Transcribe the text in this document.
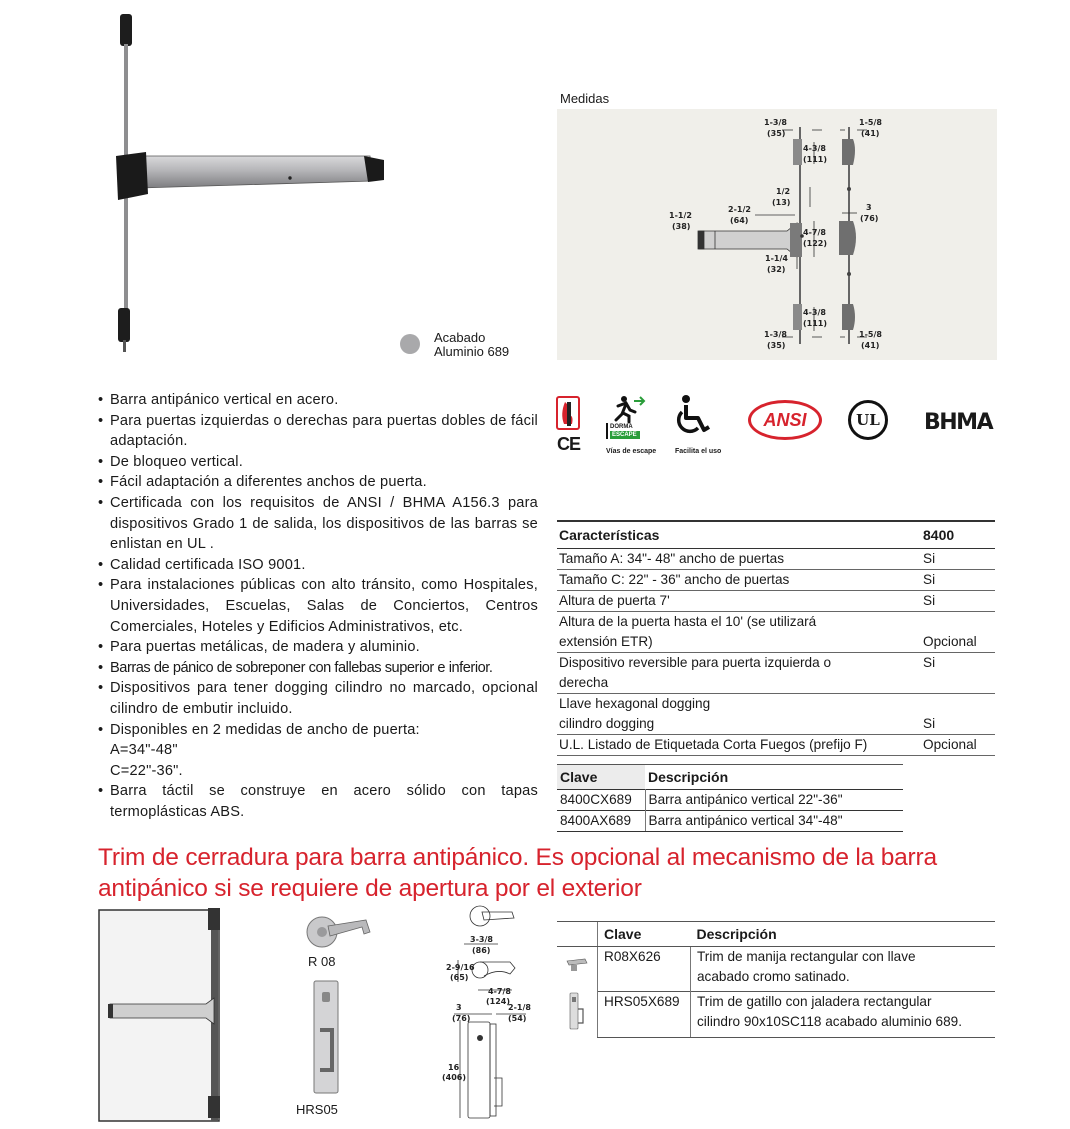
Acabado
Aluminio 689
Medidas
1-3/8
(35)
1-5/8
(41)
4-3/8
(111)
1/2
(13)
2-1/2
(64)
1-1/2
(38)
3
(76)
4-7/8
(122)
1-1/4
(32)
4-3/8
(111)
1-3/8
(35)
1-5/8
(41)
• Barra antipánico vertical en acero.
• Para puertas izquierdas o derechas para puertas dobles de fácil adaptación.
• De bloqueo vertical.
• Fácil adaptación a diferentes anchos de puerta.
• Certificada con los requisitos de ANSI / BHMA A156.3 para dispositivos Grado 1 de salida, los dispositivos de las barras se enlistan en UL .
• Calidad certificada ISO 9001.
• Para instalaciones públicas con alto tránsito, como Hospitales, Universidades, Escuelas, Salas de Conciertos, Centros Comerciales, Hoteles y Edificios Administrativos, etc.
• Para puertas metálicas, de madera y aluminio.
• Barras de pánico de sobreponer con fallebas superior e inferior.
• Dispositivos para tener dogging cilindro no marcado, opcional cilindro de embutir incluido.
• Disponibles en 2 medidas de ancho de puerta:
A=34"-48"
C=22"-36".
• Barra táctil se construye en acero sólido con tapas termoplásticas ABS.
CE
DORMA
ESCAPE
Vías de escape	Facilita el uso
ANSI	UL	BHMA
Características	8400
Tamaño A: 34"- 48" ancho de puertas	Si
Tamaño C: 22" - 36" ancho de puertas	Si
Altura de puerta 7'	Si

Altura de la puerta hasta el 10' (se utilizará
extensión ETR)	Opcional

Dispositivo reversible para puerta izquierda o
derecha	Si

Llave hexagonal dogging
cilindro dogging	Si
U.L. Listado de Etiquetada Corta Fuegos (prefijo F)	Opcional
Clave	Descripción
8400CX689	Barra antipánico vertical 22"-36"
8400AX689	Barra antipánico vertical 34"-48"
Trim de cerradura para barra antipánico. Es opcional al mecanismo de la barra antipánico si se requiere de apertura por el exterior
R 08
HRS05
3-3/8
(86)
2-9/16
(65)
4-7/8
(124)
3
(76)
2-1/8
(54)
16
(406)
	Clave	Descripción

	R08X626	Trim de manija rectangular con llave
acabado cromo satinado.

	HRS05X689	Trim de gatillo con jaladera rectangular
cilindro 90x10SC118 acabado aluminio 689.
